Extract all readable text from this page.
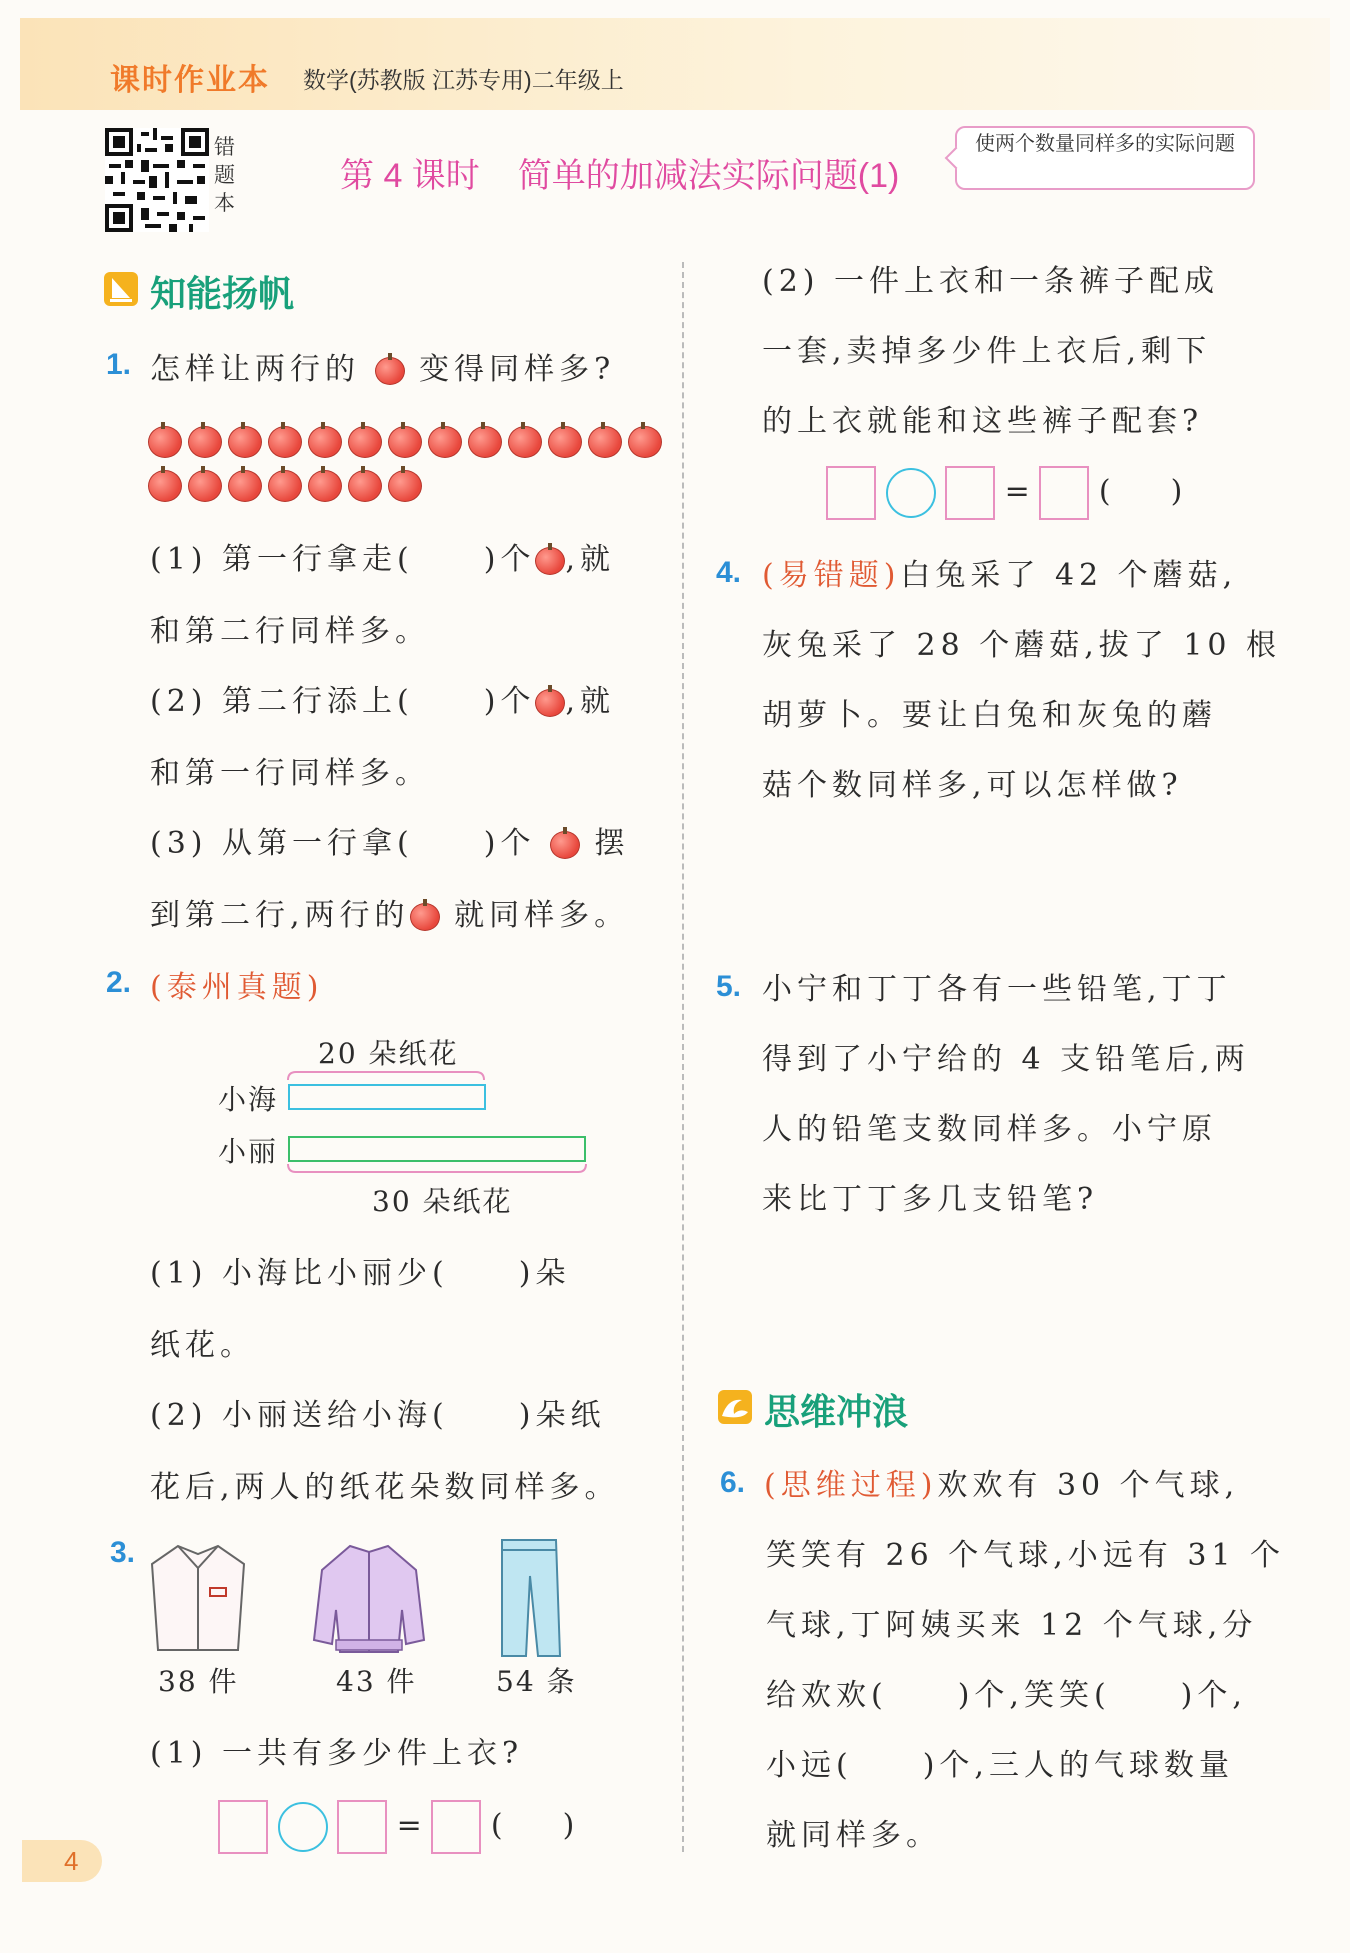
课时作业本 数学(苏教版 江苏专用)二年级上
错题本
第 4 课时 简单的加减法实际问题(1)
使两个数量同样多的实际问题
知能扬帆
1. 怎样让两行的 变得同样多?
(1) 第一行拿走(　　)个 ,就
和第二行同样多。
(2) 第二行添上(　　)个 ,就
和第一行同样多。
(3) 从第一行拿(　　)个 摆
到第二行,两行的 就同样多。
2. (泰州真题)
20 朵纸花
小海
小丽
30 朵纸花
(1) 小海比小丽少(　　)朵
纸花。
(2) 小丽送给小海(　　)朵纸
花后,两人的纸花朵数同样多。
3.
38 件	43 件	54 条
(1) 一共有多少件上衣?
= (　　)
(2) 一件上衣和一条裤子配成
一套,卖掉多少件上衣后,剩下
的上衣就能和这些裤子配套?
= (　　)
4. (易错题)白兔采了 42 个蘑菇,
灰兔采了 28 个蘑菇,拔了 10 根
胡萝卜。要让白兔和灰兔的蘑
菇个数同样多,可以怎样做?
5. 小宁和丁丁各有一些铅笔,丁丁
得到了小宁给的 4 支铅笔后,两
人的铅笔支数同样多。小宁原
来比丁丁多几支铅笔?
思维冲浪
6. (思维过程)欢欢有 30 个气球,
笑笑有 26 个气球,小远有 31 个
气球,丁阿姨买来 12 个气球,分
给欢欢(　　)个,笑笑(　　)个,
小远(　　)个,三人的气球数量
就同样多。
4
